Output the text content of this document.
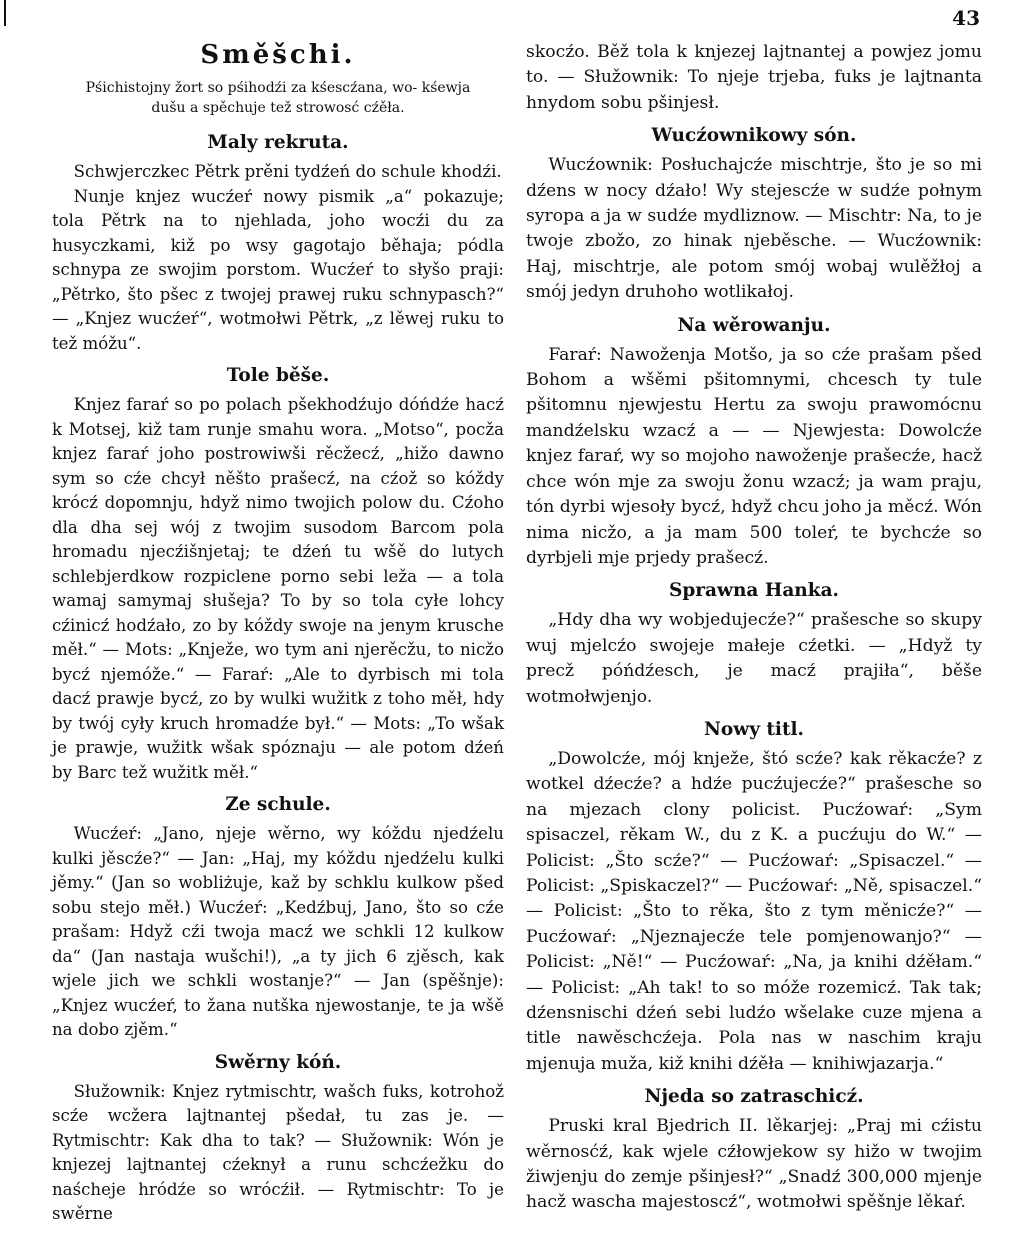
43
Směšchi.
Pśichistojny žort so pśihodźi za kśescźana, wo- kśewja dušu a spěchuje tež strowosć cźěła.
Maly rekruta.

Schwjerczkec Pětrk prěni tydźeń do schule khodźi.

Nunje knjez wucźeŕ nowy pismik „a“ pokazuje; tola Pětrk na to njehlada, joho wocźi du za husyczkami, kiž po wsy gagotajo běhaja; pódla schnypa ze swojim porstom. Wucźeŕ to słyšo praji: „Pětrko, što pšec z twojej prawej ruku schnypasch?“ — „Knjez wucźeŕ“, wotmołwi Pětrk, „z lěwej ruku to tež móžu“.

Tole běše.

Knjez faraŕ so po polach pšekhodźujo dóńdźe hacź k Motsej, kiž tam runje smahu wora. „Motso“, pocža knjez faraŕ joho postrowiwši rěcžecź, „hižo dawno sym so cźe chcył něšto prašecź, na cźož so kóždy krócź dopomnju, hdyž nimo twojich polow du. Cźoho dla dha sej wój z twojim susodom Barcom pola hromadu njecźišnjetaj; te dźeń tu wšě do lutych schlebjerdkow rozpiclene porno sebi leža — a tola wamaj samymaj słušeja? To by so tola cyłe lohcy cźinicź hodźało, zo by kóždy swoje na jenym krusche měł.“ — Mots: „Knježe, wo tym ani njerěcžu, to nicžo bycź njemóže.“ — Faraŕ: „Ale to dyrbisch mi tola dacź prawje bycź, zo by wulki wužitk z toho měł, hdy by twój cyły kruch hromadźe był.“ — Mots: „To wšak je prawje, wužitk wšak spóznaju — ale potom dźeń by Barc tež wužitk měł.“

Ze schule.

Wucźeŕ: „Jano, njeje wěrno, wy kóždu njedźelu kulki jěscźe?“ — Jan: „Haj, my kóždu njedźelu kulki jěmy.“ (Jan so wobliżuje, kaž by schklu kulkow pšed sobu stejo měł.) Wucźeŕ: „Kedźbuj, Jano, što so cźe prašam: Hdyž cźi twoja macź we schkli 12 kulkow da“ (Jan nastaja wušchi!), „a ty jich 6 zjěsch, kak wjele jich we schkli wostanje?“ — Jan (spěšnje): „Knjez wucźeŕ, to žana nutška njewostanje, te ja wšě na dobo zjěm.“

Swěrny kóń.

Słužownik: Knjez rytmischtr, wašch fuks, kotrohož scźe wcžera lajtnantej pšedał, tu zas je. — Rytmischtr: Kak dha to tak? — Słužownik: Wón je knjezej lajtnantej cźeknył a runu schcźežku do naścheje hródźe so wrócźił. — Rytmischtr: To je swěrne

skocźo. Běž tola k knjezej lajtnantej a powjez jomu to. — Słužownik: To njeje trjeba, fuks je lajtnanta hnydom sobu pšinjesł.

Wucźownikowy són.

Wucźownik: Posłuchajcźe mischtrje, što je so mi dźens w nocy dźało! Wy stejescźe w sudźe połnym syropa a ja w sudźe mydliznow. — Mischtr: Na, to je twoje zbožo, zo hinak njeběsche. — Wucźownik: Haj, mischtrje, ale potom smój wobaj wulěžłoj a smój jedyn druhoho wotlikałoj.

Na wěrowanju.

Faraŕ: Nawoženja Motšo, ja so cźe prašam pšed Bohom a wšěmi pšitomnymi, chcesch ty tule pšitomnu njewjestu Hertu za swoju prawomócnu mandźelsku wzacź a — — Njewjesta: Dowolcźe knjez faraŕ, wy so mojoho nawoženje prašecźe, hacž chce wón mje za swoju žonu wzacź; ja wam praju, tón dyrbi wjesoły bycź, hdyž chcu joho ja měcź. Wón nima nicžo, a ja mam 500 toleŕ, te bychcźe so dyrbjeli mje prjedy prašecź.

Sprawna Hanka.

„Hdy dha wy wobjedujecźe?“ prašesche so skupy wuj mjelcźo swojeje małeje cźetki. — „Hdyž ty precž póńdźesch, je macź prajiła“, běše wotmołwjenjo.

Nowy titl.

„Dowolcźe, mój knježe, štó scźe? kak rěkacźe? z wotkel dźecźe? a hdźe pucźujecźe?“ prašesche so na mjezach clony policist. Pucźowaŕ: „Sym spisaczel, rěkam W., du z K. a pucźuju do W.“ — Policist: „Što scźe?“ — Pucźowaŕ: „Spisaczel.“ — Policist: „Spiskaczel?“ — Pucźowaŕ: „Ně, spisaczel.“ — Policist: „Što to rěka, što z tym měnicźe?“ — Pucźowaŕ: „Njeznajecźe tele pomjenowanjo?“ — Policist: „Ně!“ — Pucźowaŕ: „Na, ja knihi dźěłam.“ — Policist: „Ah tak! to so móže rozemicź. Tak tak; dźensnischi dźeń sebi ludźo wšelake cuze mjena a title nawěschcźeja. Pola nas w naschim kraju mjenuja muža, kiž knihi dźěła — knihiwjazarja.“

Njeda so zatraschicź.

Pruski kral Bjedrich II. lěkarjej: „Praj mi cźistu wěrnosćź, kak wjele cźłowjekow sy hižo w twojim žiwjenju do zemje pšinjesł?“ „Snadź 300,000 mjenje hacž wascha majestoscź“, wotmołwi spěšnje lěkaŕ.
